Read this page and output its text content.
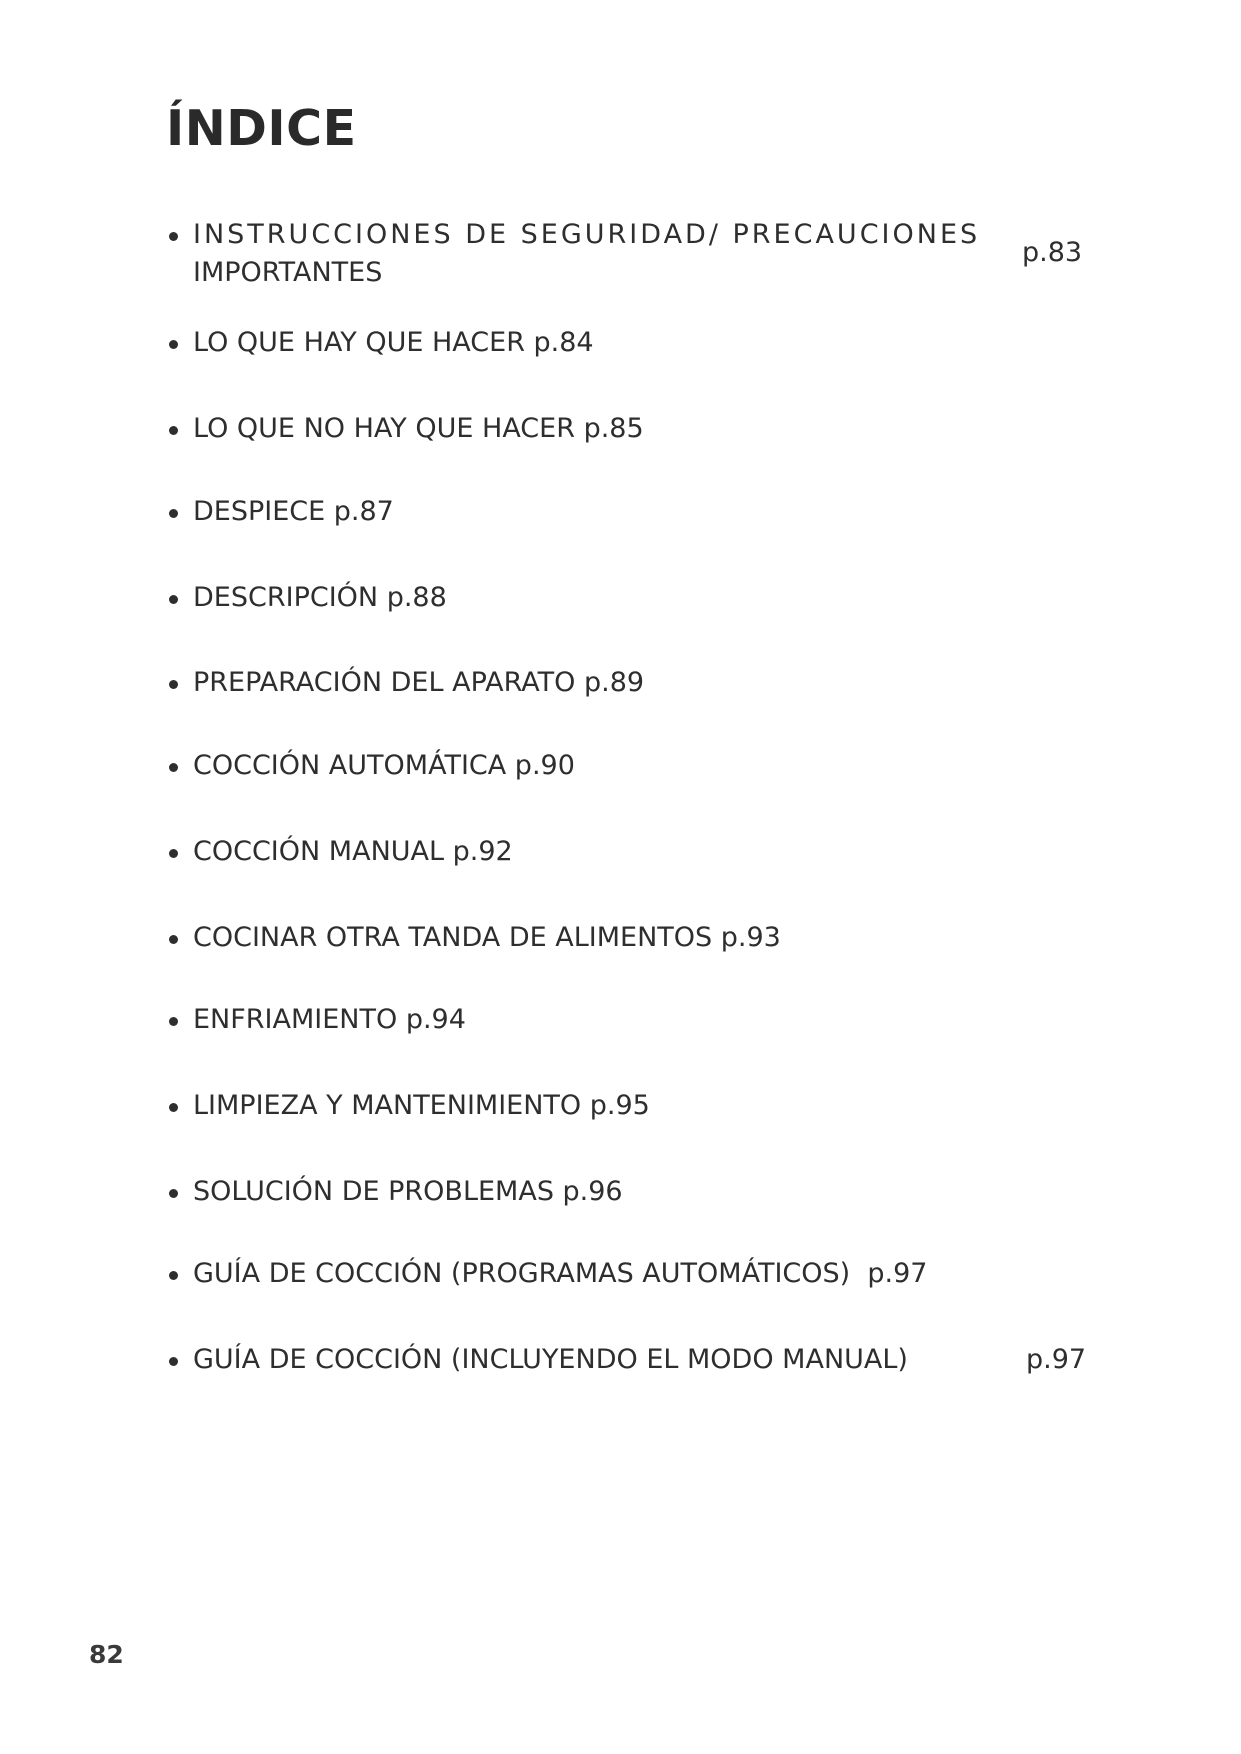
ÍNDICE
INSTRUCCIONES DE SEGURIDAD/ PRECAUCIONES
IMPORTANTES
p.83
LO QUE HAY QUE HACER p.84
LO QUE NO HAY QUE HACER p.85
DESPIECE p.87
DESCRIPCIÓN p.88
PREPARACIÓN DEL APARATO p.89
COCCIÓN AUTOMÁTICA p.90
COCCIÓN MANUAL p.92
COCINAR OTRA TANDA DE ALIMENTOS p.93
ENFRIAMIENTO p.94
LIMPIEZA Y MANTENIMIENTO p.95
SOLUCIÓN DE PROBLEMAS p.96
GUÍA DE COCCIÓN (PROGRAMAS AUTOMÁTICOS)  p.97
GUÍA DE COCCIÓN (INCLUYENDO EL MODO MANUAL)	p.97
82
